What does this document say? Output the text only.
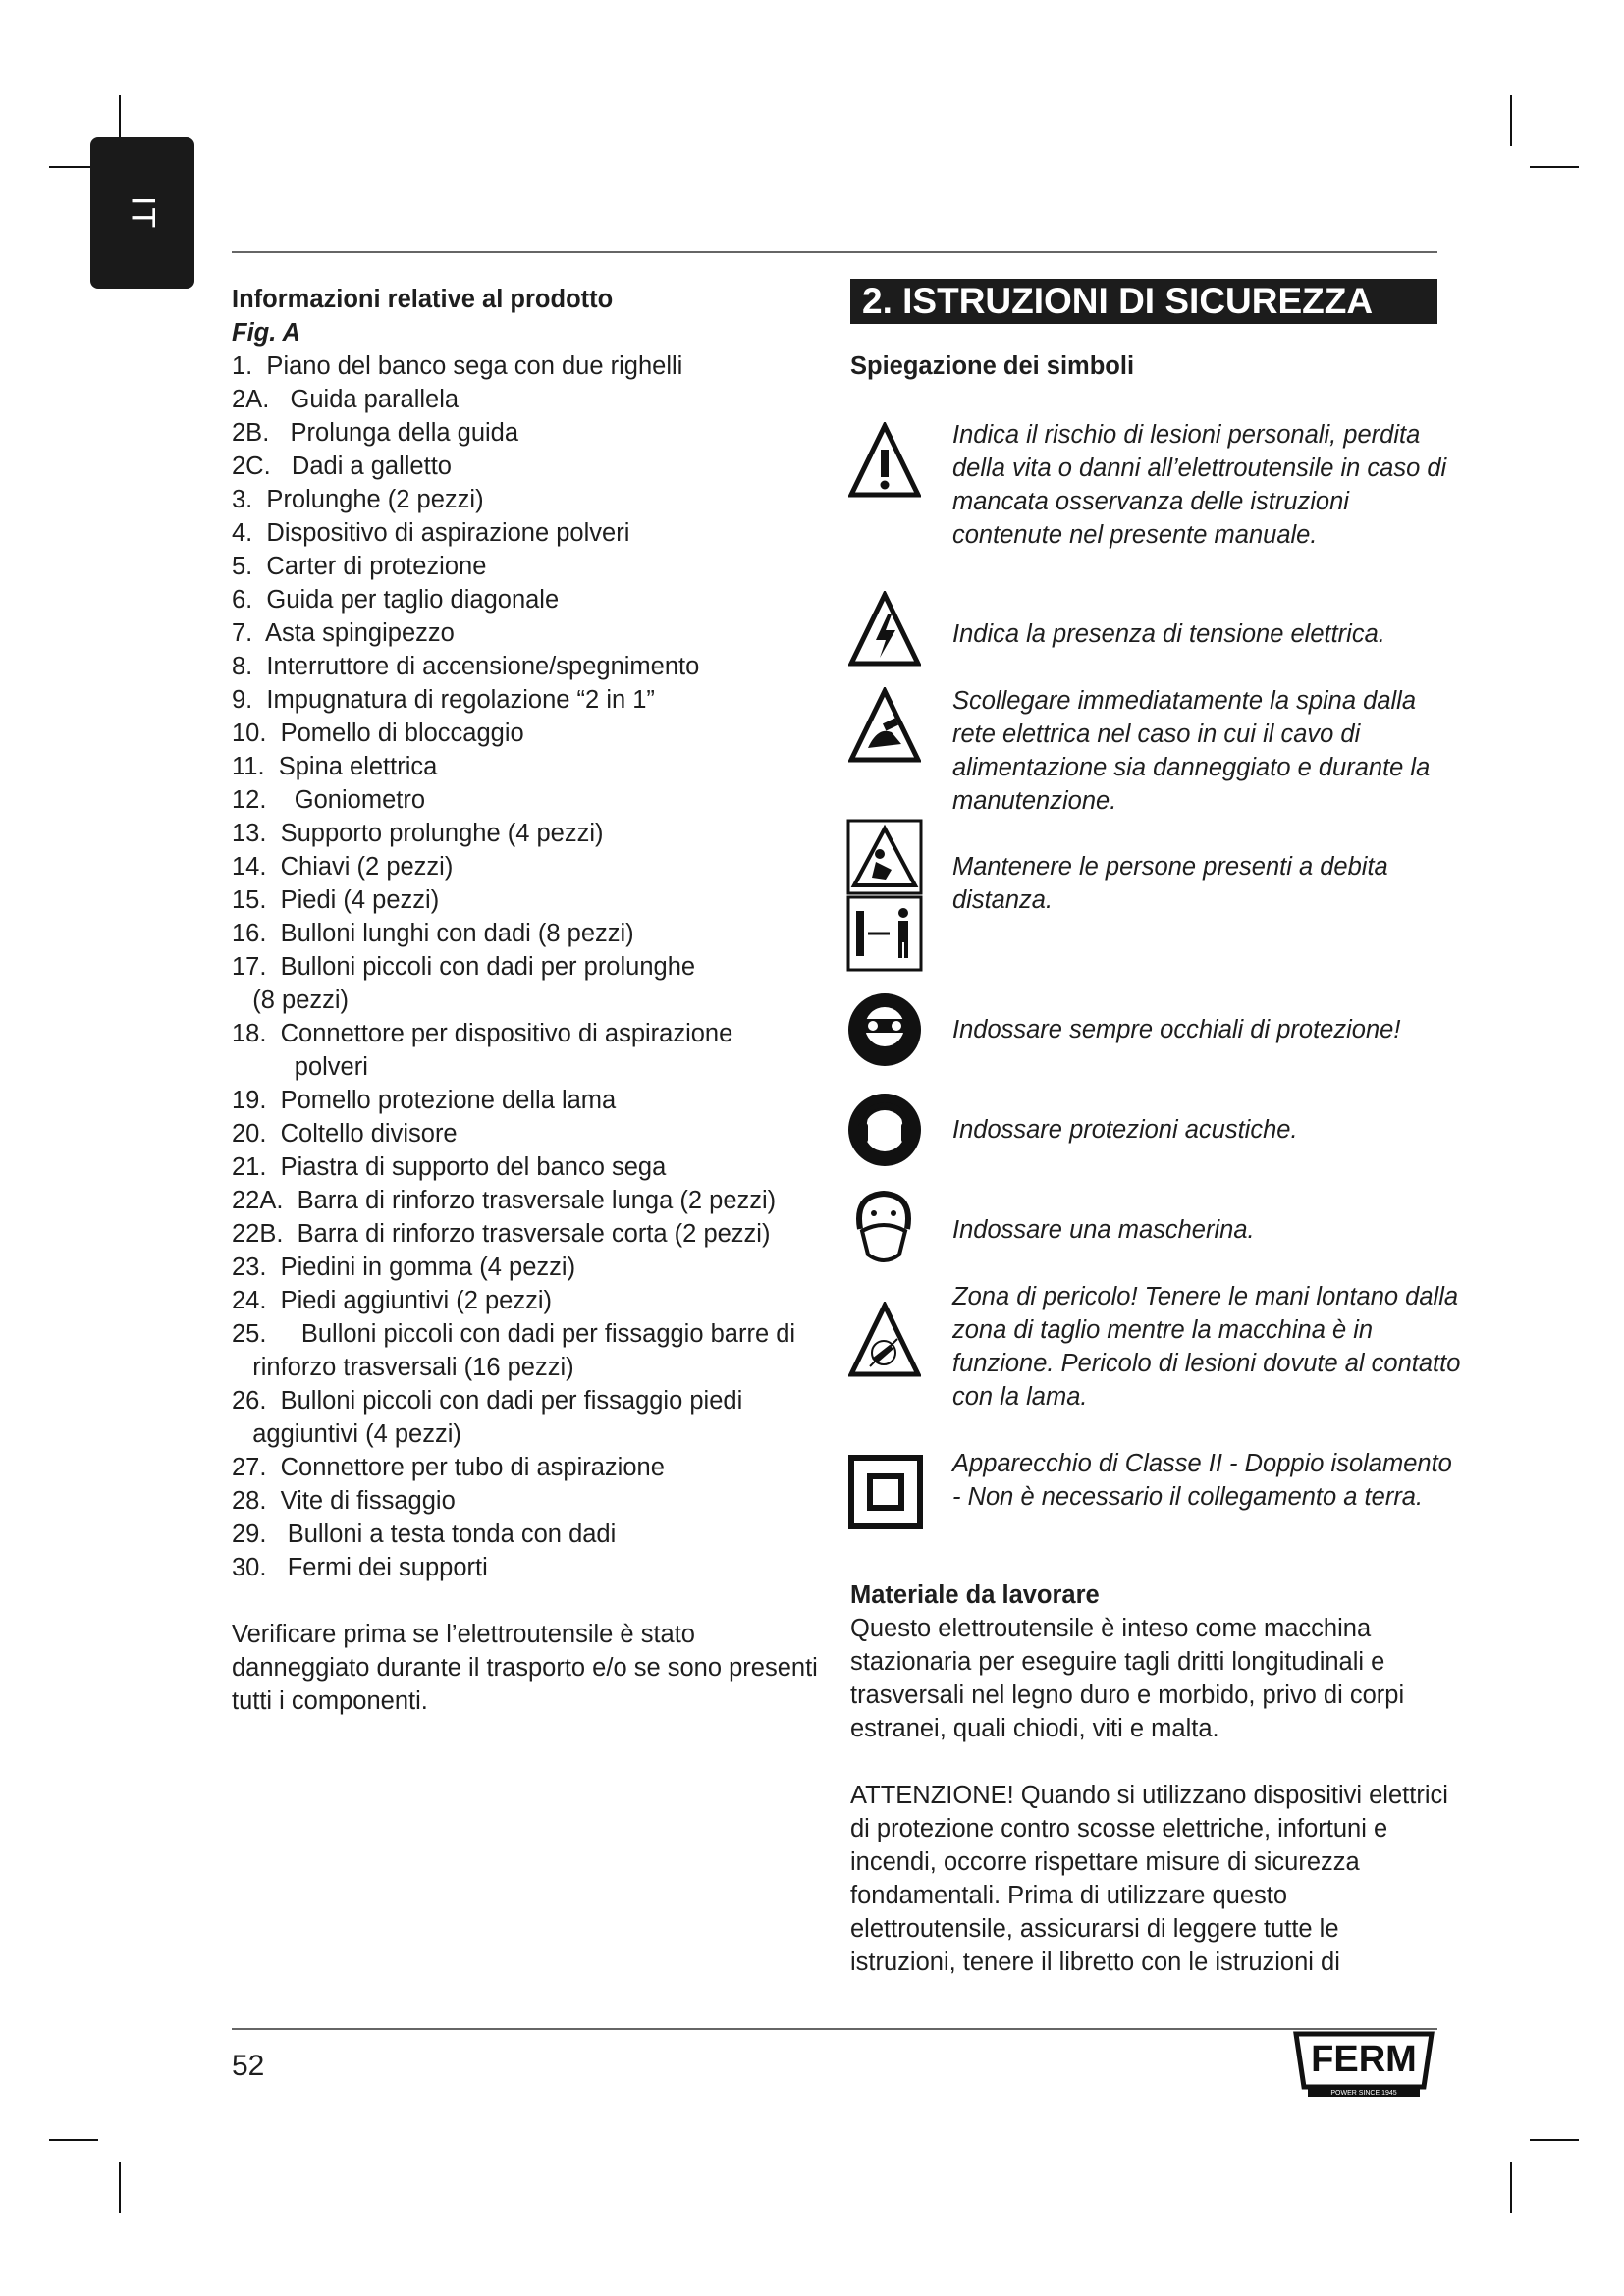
IT
Informazioni relative al prodotto
Fig. A
1.  Piano del banco sega con due righelli
2A.   Guida parallela
2B.   Prolunga della guida
2C.   Dadi a galletto
3.  Prolunghe (2 pezzi)
4.  Dispositivo di aspirazione polveri
5.  Carter di protezione
6.  Guida per taglio diagonale
7.  Asta spingipezzo
8.  Interruttore di accensione/spegnimento
9.  Impugnatura di regolazione “2 in 1”
10.  Pomello di bloccaggio
11.  Spina elettrica
12.    Goniometro
13.  Supporto prolunghe (4 pezzi)
14.  Chiavi (2 pezzi)
15.  Piedi (4 pezzi)
16.  Bulloni lunghi con dadi (8 pezzi)
17.  Bulloni piccoli con dadi per prolunghe
(8 pezzi)
18.  Connettore per dispositivo di aspirazione
polveri
19.  Pomello protezione della lama
20.  Coltello divisore
21.  Piastra di supporto del banco sega
22A.  Barra di rinforzo trasversale lunga (2 pezzi)
22B.  Barra di rinforzo trasversale corta (2 pezzi)
23.  Piedini in gomma (4 pezzi)
24.  Piedi aggiuntivi (2 pezzi)
25.     Bulloni piccoli con dadi per fissaggio barre di
rinforzo trasversali (16 pezzi)
26.  Bulloni piccoli con dadi per fissaggio piedi
aggiuntivi (4 pezzi)
27.  Connettore per tubo di aspirazione
28.  Vite di fissaggio
29.   Bulloni a testa tonda con dadi
30.   Fermi dei supporti
Verificare prima se l’elettroutensile è stato danneggiato durante il trasporto e/o se sono presenti tutti i componenti.
2. ISTRUZIONI DI SICUREZZA
Spiegazione dei simboli
Indica il rischio di lesioni personali, perdita della vita o danni all’elettroutensile in caso di mancata osservanza delle istruzioni contenute nel presente manuale.
Indica la presenza di tensione elettrica.
Scollegare immediatamente la spina dalla rete elettrica nel caso in cui il cavo di alimentazione sia danneggiato e durante la manutenzione.
Mantenere le persone presenti a debita distanza.
Indossare sempre occhiali di protezione!
Indossare protezioni acustiche.
Indossare una mascherina.
Zona di pericolo! Tenere le mani lontano dalla zona di taglio mentre la macchina è in funzione. Pericolo di lesioni dovute al contatto con la lama.
Apparecchio di Classe II - Doppio isolamento - Non è necessario il collegamento a terra.
Materiale da lavorare
Questo elettroutensile è inteso come macchina stazionaria per eseguire tagli dritti longitudinali e trasversali nel legno duro e morbido, privo di corpi estranei, quali chiodi, viti e malta.
ATTENZIONE! Quando si utilizzano dispositivi elettrici di protezione contro scosse elettriche, infortuni e incendi, occorre rispettare misure di sicurezza fondamentali. Prima di utilizzare questo elettroutensile, assicurarsi di leggere tutte le istruzioni, tenere il libretto con le istruzioni di
52	FERM
POWER SINCE 1945
